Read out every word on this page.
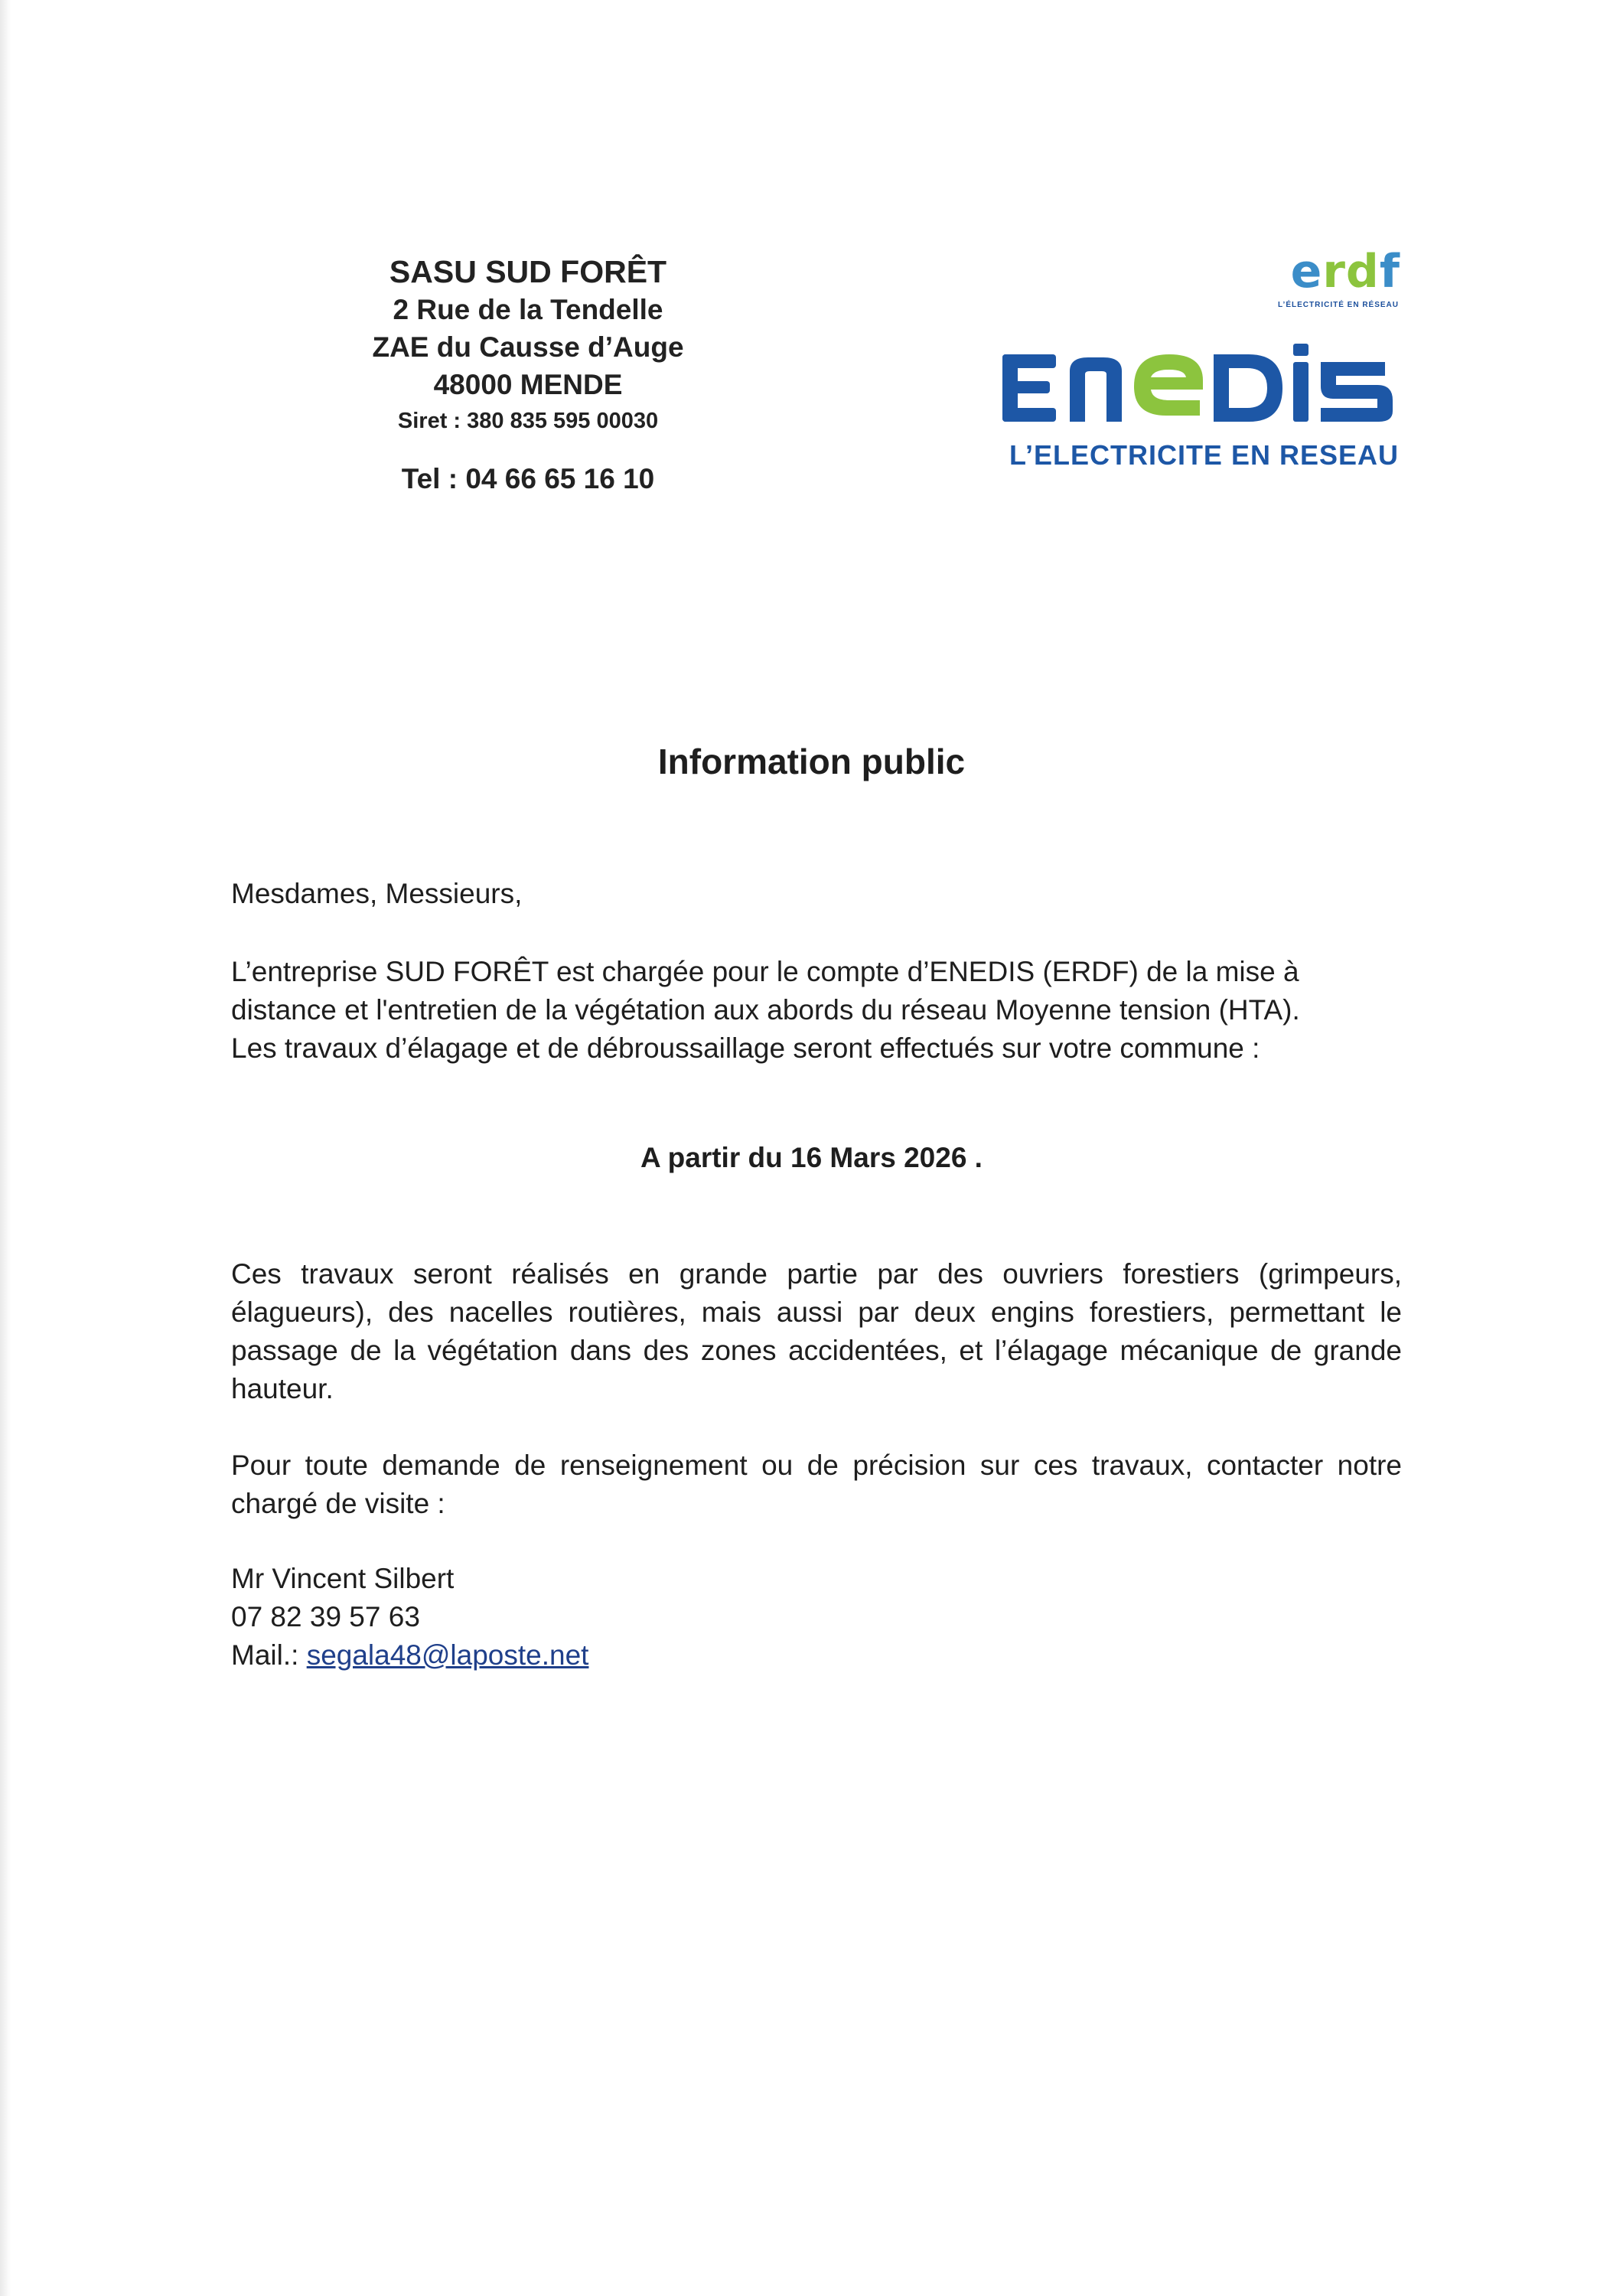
SASU SUD FORÊT
2 Rue de la Tendelle
ZAE du Causse d’Auge
48000 MENDE
Siret : 380 835 595 00030
Tel : 04 66 65 16 10
erdf
L’ÉLECTRICITÉ EN RÉSEAU
L’ELECTRICITE EN RESEAU
Information public
Mesdames, Messieurs,
L’entreprise SUD FORÊT est chargée pour le compte d’ENEDIS (ERDF) de la mise à distance et l'entretien de la végétation aux abords du réseau Moyenne tension (HTA).
Les travaux d’élagage et de débroussaillage seront effectués sur votre commune :
A partir du 16 Mars 2026 .
Ces travaux seront réalisés en grande partie par des ouvriers forestiers (grimpeurs, élagueurs), des nacelles routières, mais aussi par deux engins forestiers, permettant le passage de la végétation dans des zones accidentées, et l’élagage mécanique de grande hauteur.
Pour toute demande de renseignement ou de précision sur ces travaux, contacter notre chargé de visite :
Mr Vincent Silbert
07 82 39 57 63
Mail.: segala48@laposte.net
